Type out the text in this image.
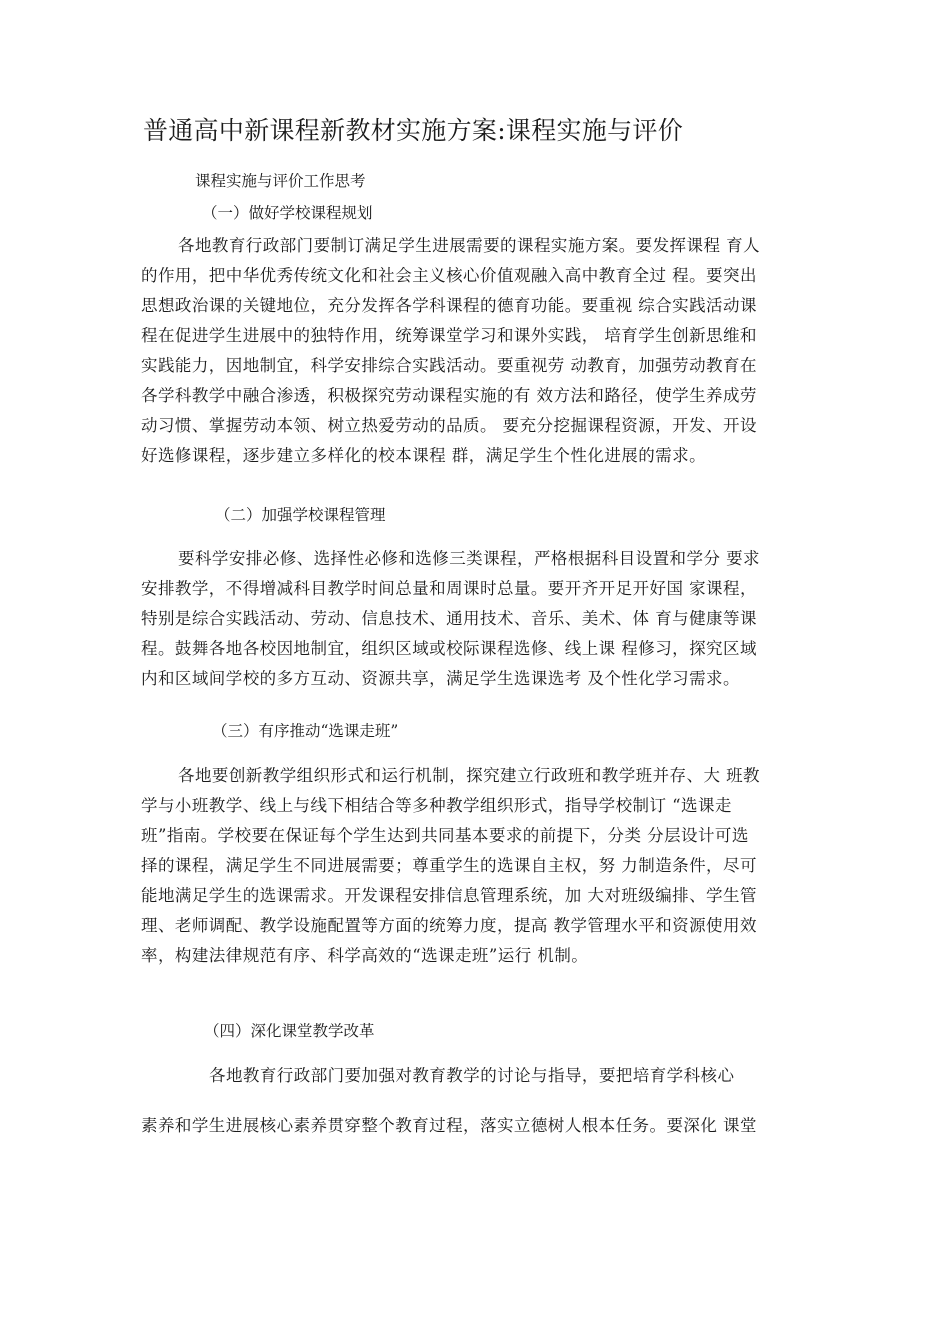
普通高中新课程新教材实施方案:课程实施与评价
课程实施与评价工作思考
（一）做好学校课程规划
各地教育行政部门要制订满足学生进展需要的课程实施方案。要发挥课程 育人
的作用，把中华优秀传统文化和社会主义核心价值观融入高中教育全过 程。要突出
思想政治课的关键地位，充分发挥各学科课程的德育功能。要重视 综合实践活动课
程在促进学生进展中的独特作用，统筹课堂学习和课外实践， 培育学生创新思维和
实践能力，因地制宜，科学安排综合实践活动。要重视劳 动教育，加强劳动教育在
各学科教学中融合渗透，积极探究劳动课程实施的有 效方法和路径，使学生养成劳
动习惯、掌握劳动本领、树立热爱劳动的品质。 要充分挖掘课程资源，开发、开设
好选修课程，逐步建立多样化的校本课程 群，满足学生个性化进展的需求。
（二）加强学校课程管理
要科学安排必修、选择性必修和选修三类课程，严格根据科目设置和学分 要求
安排教学，不得增减科目教学时间总量和周课时总量。要开齐开足开好国 家课程，
特别是综合实践活动、劳动、信息技术、通用技术、音乐、美术、体 育与健康等课
程。鼓舞各地各校因地制宜，组织区域或校际课程选修、线上课 程修习，探究区域
内和区域间学校的多方互动、资源共享，满足学生选课选考 及个性化学习需求。
（三）有序推动“选课走班”
各地要创新教学组织形式和运行机制，探究建立行政班和教学班并存、大 班教
学与小班教学、线上与线下相结合等多种教学组织形式，指导学校制订 “选课走
班”指南。学校要在保证每个学生达到共同基本要求的前提下，分类 分层设计可选
择的课程，满足学生不同进展需要；尊重学生的选课自主权，努 力制造条件，尽可
能地满足学生的选课需求。开发课程安排信息管理系统，加 大对班级编排、学生管
理、老师调配、教学设施配置等方面的统筹力度，提高 教学管理水平和资源使用效
率，构建法律规范有序、科学高效的“选课走班”运行 机制。
（四）深化课堂教学改革
各地教育行政部门要加强对教育教学的讨论与指导，要把培育学科核心
素养和学生进展核心素养贯穿整个教育过程，落实立德树人根本任务。要深化 课堂
